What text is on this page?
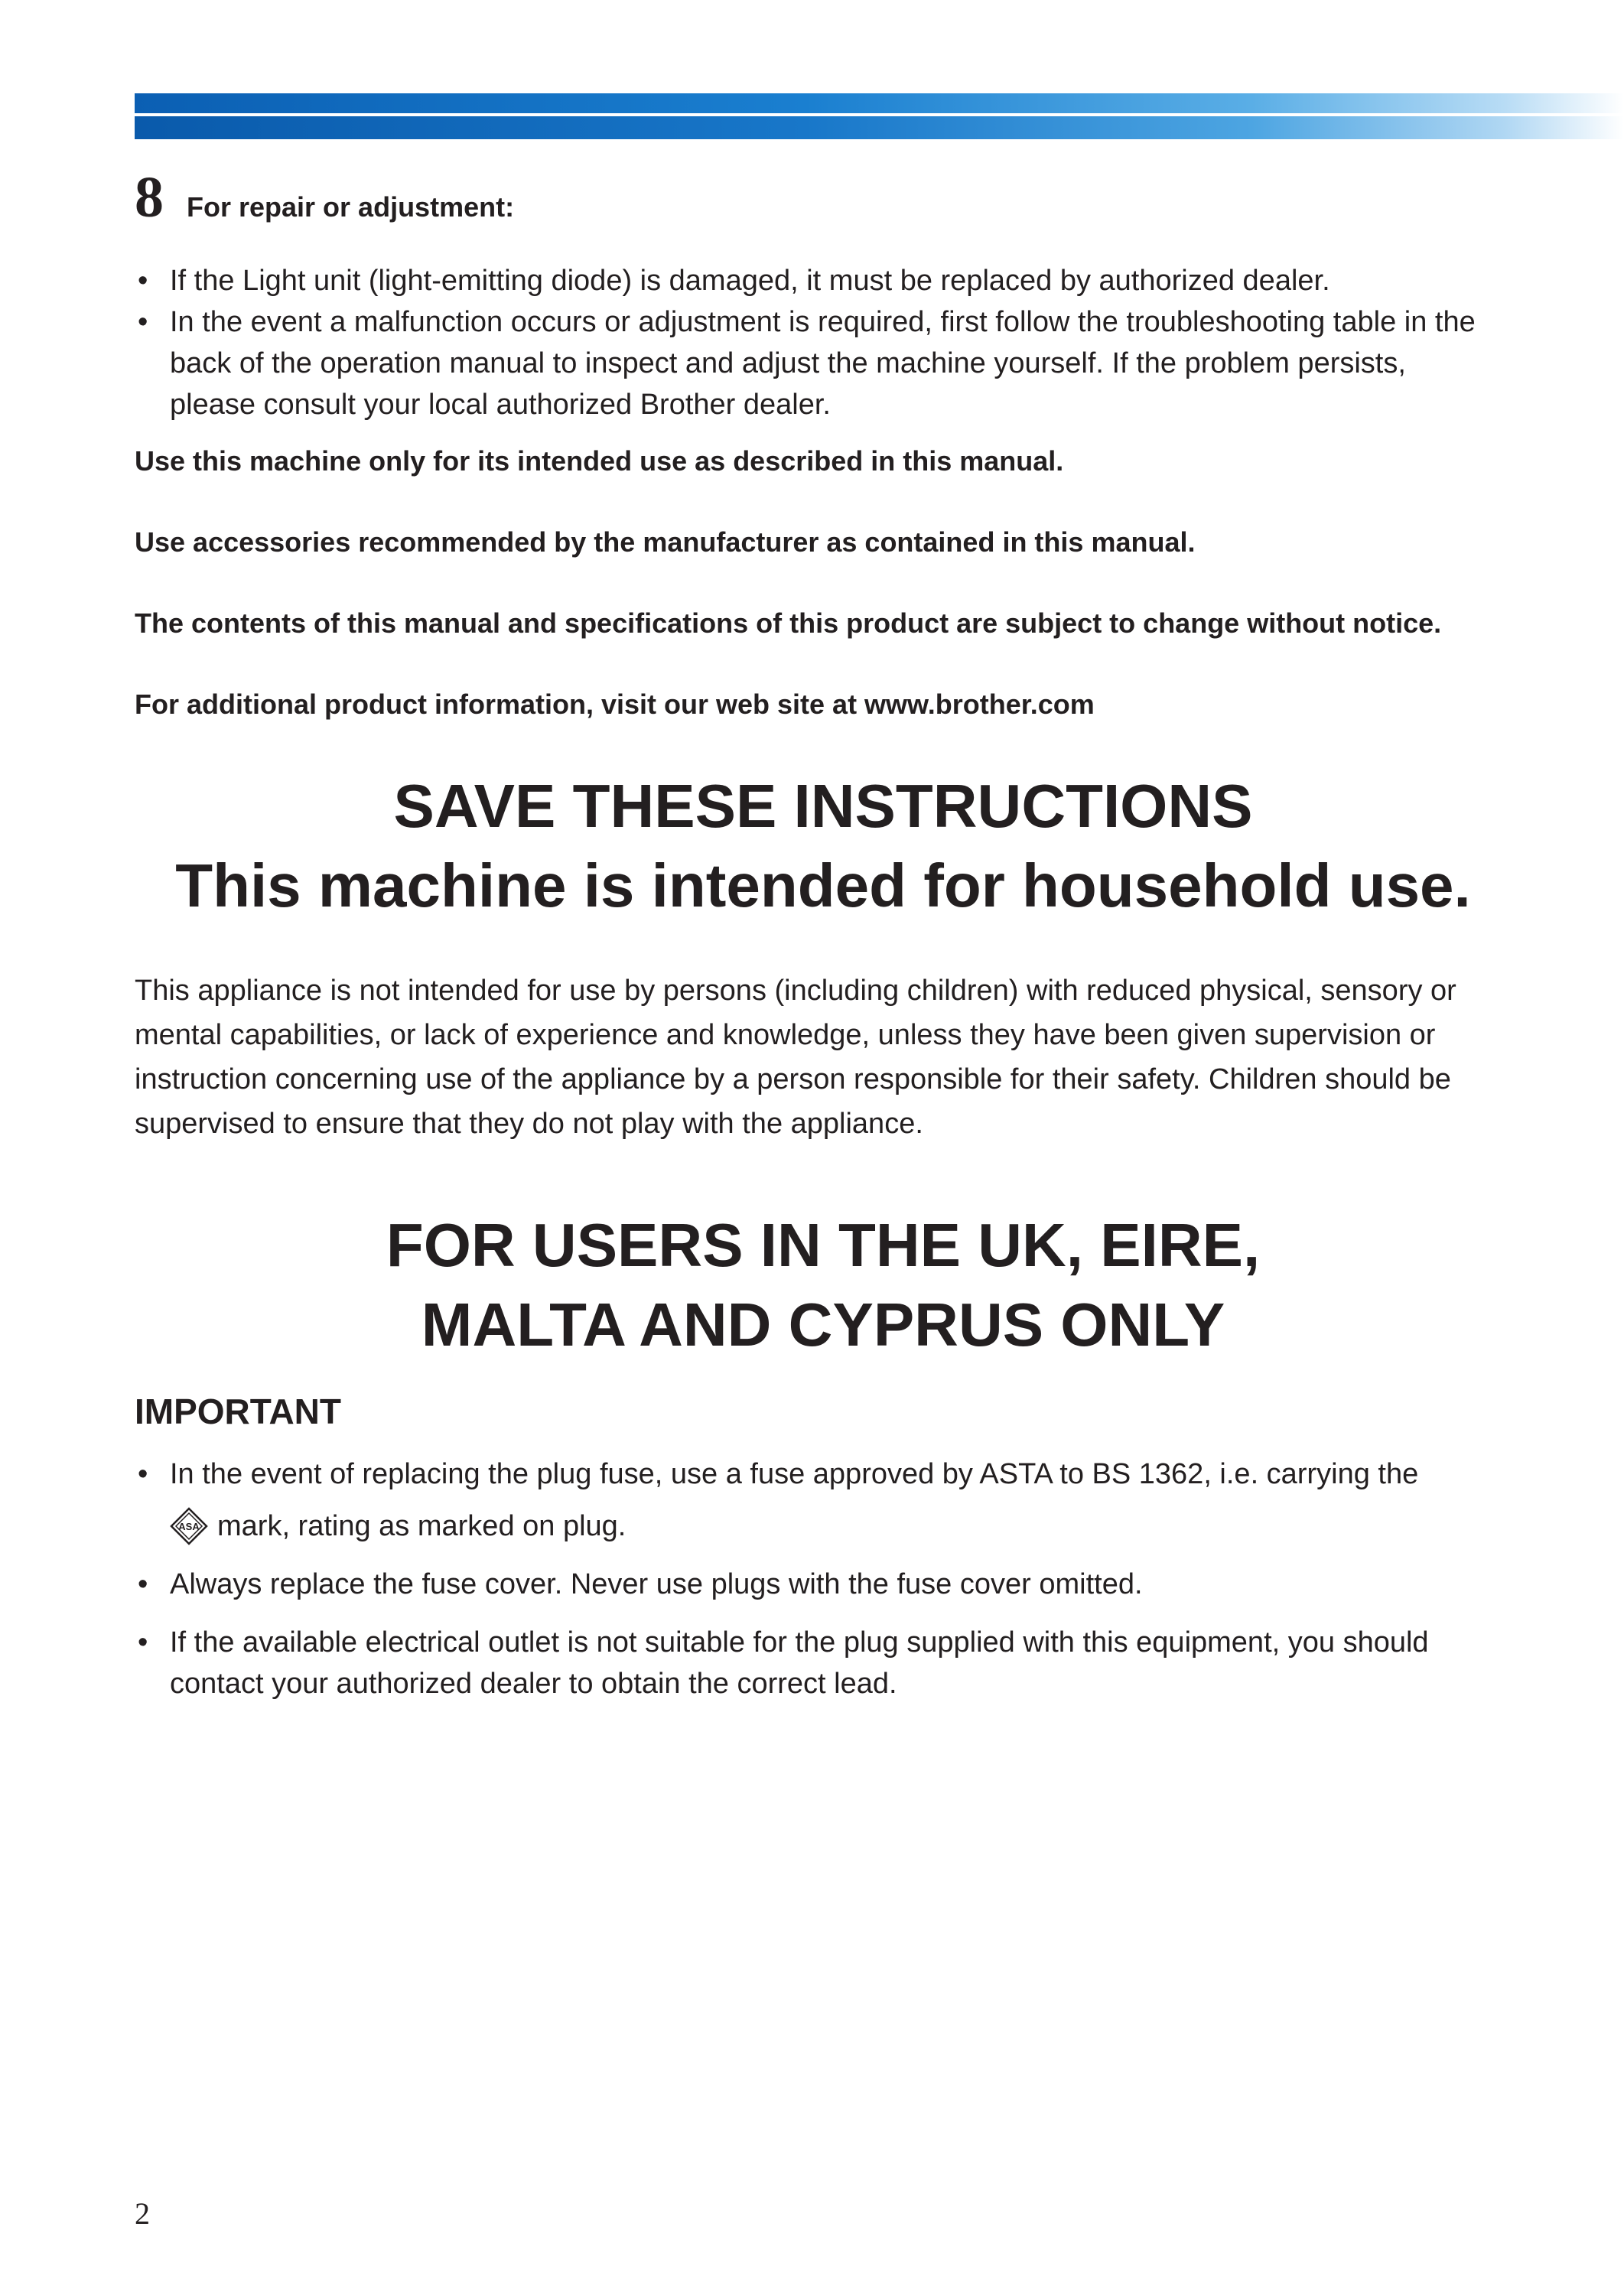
8 For repair or adjustment:
• If the Light unit (light-emitting diode) is damaged, it must be replaced by authorized dealer.
• In the event a malfunction occurs or adjustment is required, first follow the troubleshooting table in the back of the operation manual to inspect and adjust the machine yourself. If the problem persists, please consult your local authorized Brother dealer.

Use this machine only for its intended use as described in this manual.

Use accessories recommended by the manufacturer as contained in this manual.

The contents of this manual and specifications of this product are subject to change without notice.

For additional product information, visit our web site at www.brother.com

SAVE THESE INSTRUCTIONS
This machine is intended for household use.

This appliance is not intended for use by persons (including children) with reduced physical, sensory or mental capabilities, or lack of experience and knowledge, unless they have been given supervision or instruction concerning use of the appliance by a person responsible for their safety. Children should be supervised to ensure that they do not play with the appliance.

FOR USERS IN THE UK, EIRE,
MALTA AND CYPRUS ONLY
IMPORTANT
• In the event of replacing the plug fuse, use a fuse approved by ASTA to BS 1362, i.e. carrying the
ASA mark, rating as marked on plug.
• Always replace the fuse cover. Never use plugs with the fuse cover omitted.
• If the available electrical outlet is not suitable for the plug supplied with this equipment, you should contact your authorized dealer to obtain the correct lead.
2
